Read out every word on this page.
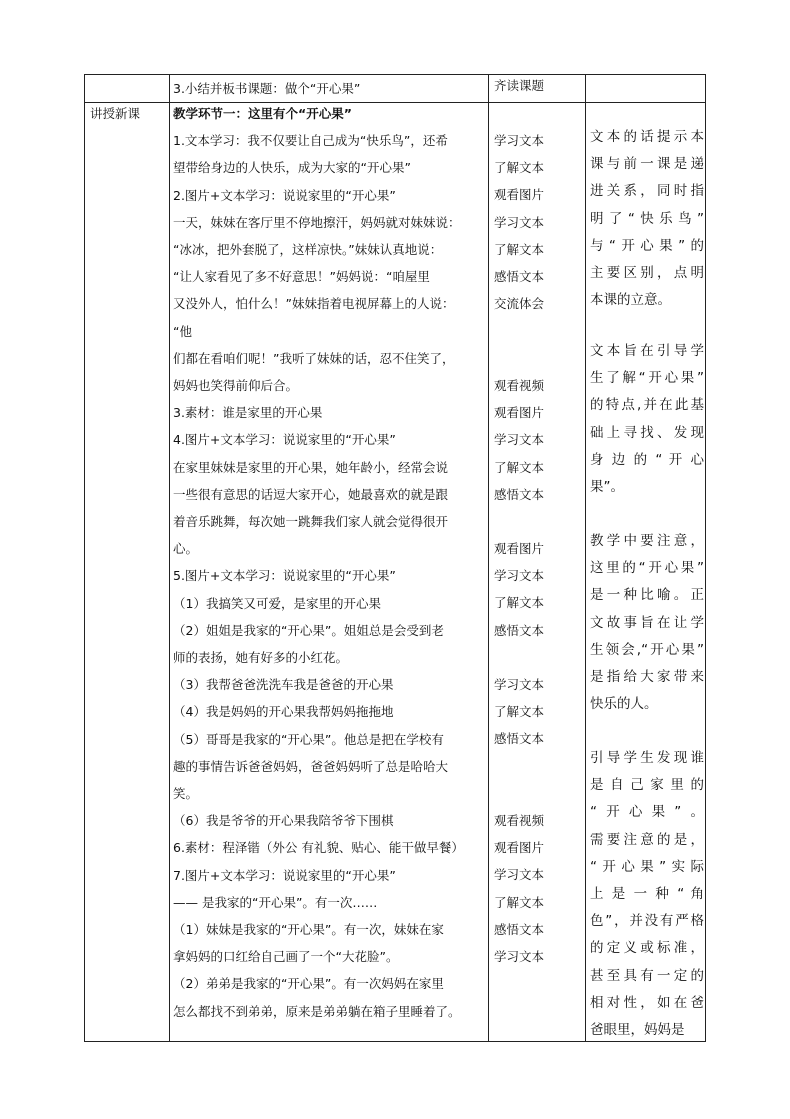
3.小结并板书课题：做个“开心果”	齐读课题
讲授新课	教学环节一：这里有个“开心果”
1.文本学习：我不仅要让自己成为“快乐鸟”，还希
望带给身边的人快乐，成为大家的“开心果”
2.图片+文本学习：说说家里的“开心果”
一天，妹妹在客厅里不停地擦汗，妈妈就对妹妹说：
“冰冰，把外套脱了，这样凉快。”妹妹认真地说：
“让人家看见了多不好意思！”妈妈说：“咱屋里
又没外人，怕什么！”妹妹指着电视屏幕上的人说：
“他
们都在看咱们呢！”我听了妹妹的话，忍不住笑了，
妈妈也笑得前仰后合。
3.素材：谁是家里的开心果
4.图片+文本学习：说说家里的“开心果”
在家里妹妹是家里的开心果，她年龄小，经常会说
一些很有意思的话逗大家开心，她最喜欢的就是跟
着音乐跳舞，每次她一跳舞我们家人就会觉得很开
心。
5.图片+文本学习：说说家里的“开心果”
（1）我搞笑又可爱，是家里的开心果
（2）姐姐是我家的“开心果”。姐姐总是会受到老
师的表扬，她有好多的小红花。
（3）我帮爸爸洗洗车我是爸爸的开心果
（4）我是妈妈的开心果我帮妈妈拖拖地
（5）哥哥是我家的“开心果”。他总是把在学校有
趣的事情告诉爸爸妈妈，爸爸妈妈听了总是哈哈大
笑。
（6）我是爷爷的开心果我陪爷爷下围棋
6.素材：程泽锴（外公 有礼貌、贴心、能干做早餐）
7.图片+文本学习：说说家里的“开心果”
—— 是我家的“开心果”。有一次……
（1）妹妹是我家的“开心果”。有一次，妹妹在家
拿妈妈的口红给自己画了一个“大花脸”。
（2）弟弟是我家的“开心果”。有一次妈妈在家里
怎么都找不到弟弟，原来是弟弟躺在箱子里睡着了。
学习文本
了解文本
观看图片
学习文本
了解文本
感悟文本
交流体会
观看视频
观看图片
学习文本
了解文本
感悟文本
观看图片
学习文本
了解文本
感悟文本
学习文本
了解文本
感悟文本
观看视频
观看图片
学习文本
了解文本
感悟文本
学习文本
文本的话提示本
课与前一课是递
进关系，同时指
明了“快乐鸟”
与“开心果”的
主要区别，点明
本课的立意。
文本旨在引导学
生了解“开心果”
的特点,并在此基
础上寻找、发现
身 边 的 “ 开 心
果”。
教学中要注意，
这里的“开心果”
是一种比喻。正
文故事旨在让学
生领会,“开心果”
是指给大家带来
快乐的人。
引导学生发现谁
是 自 己 家 里 的
“开心果”。
需要注意的是，
“开心果”实际
上 是 一 种 “ 角
色”，并没有严格
的定义或标准，
甚至具有一定的
相对性，如在爸
爸眼里，妈妈是
